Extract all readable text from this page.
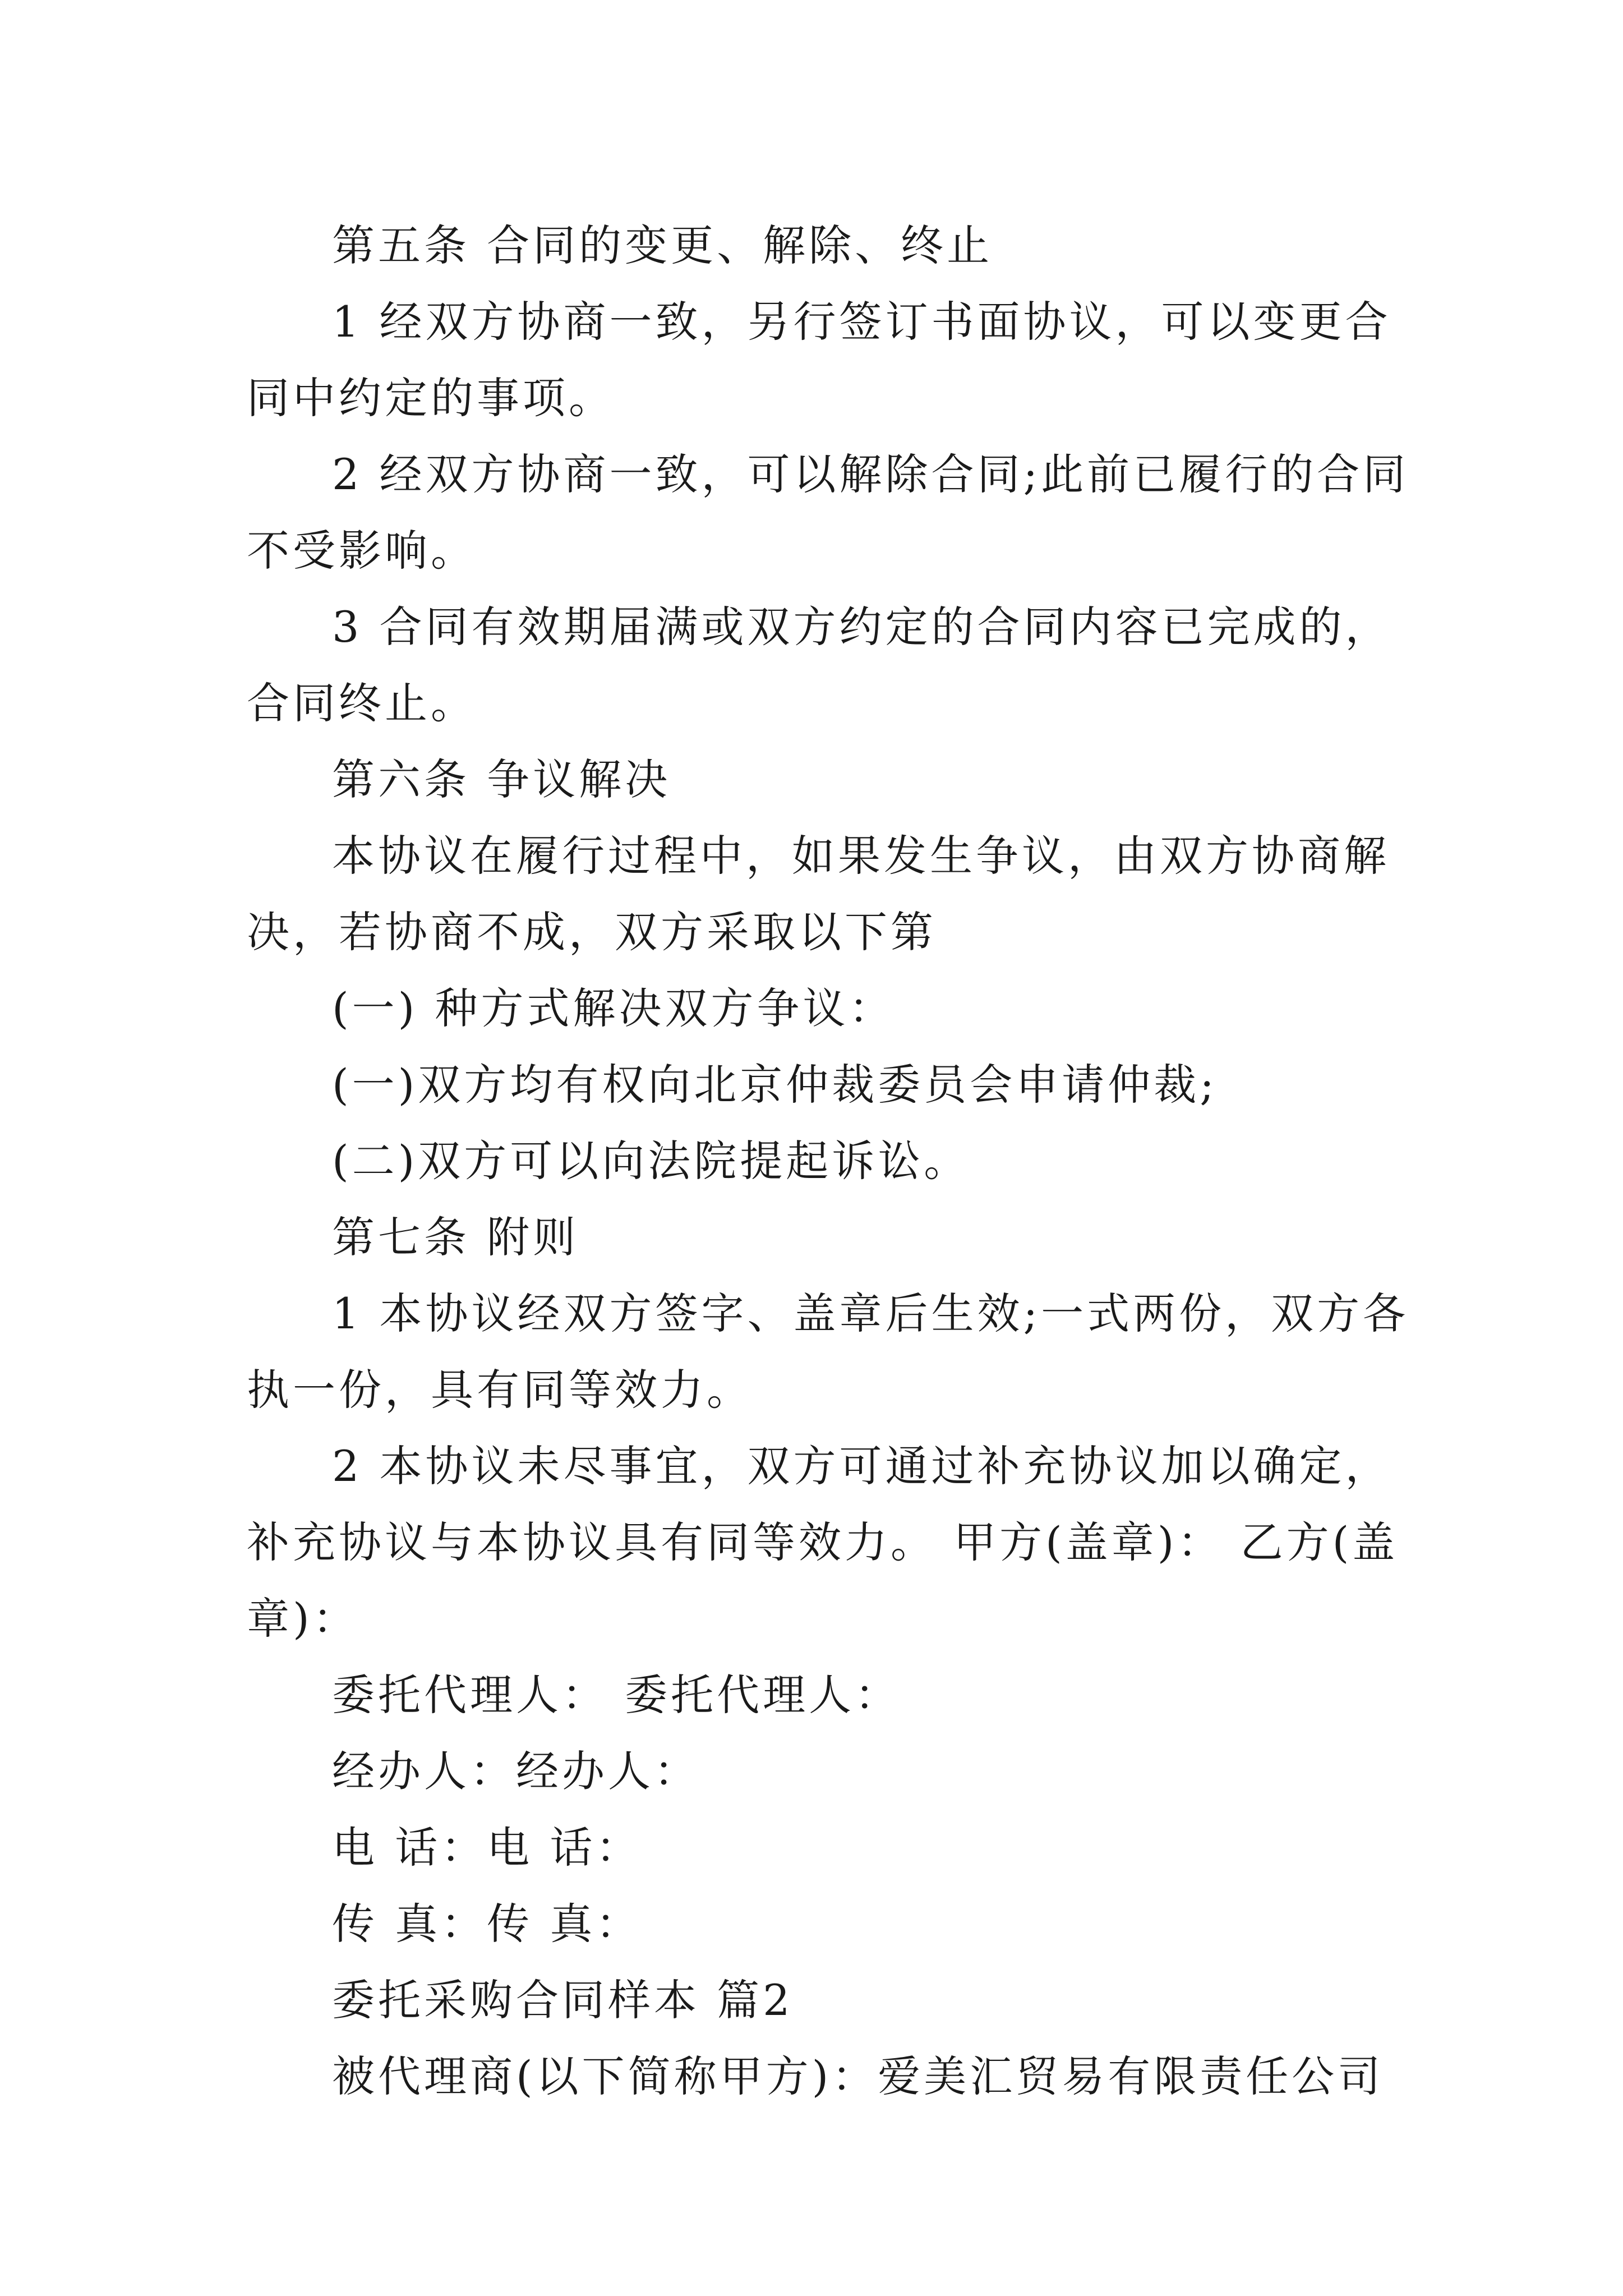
第五条 合同的变更、解除、终止

1 经双方协商一致，另行签订书面协议，可以变更合同中约定的事项。

2 经双方协商一致，可以解除合同;此前已履行的合同不受影响。

3 合同有效期届满或双方约定的合同内容已完成的，合同终止。

第六条 争议解决

本协议在履行过程中，如果发生争议，由双方协商解决，若协商不成，双方采取以下第

(一) 种方式解决双方争议：

(一)双方均有权向北京仲裁委员会申请仲裁;

(二)双方可以向法院提起诉讼。

第七条 附则

1 本协议经双方签字、盖章后生效;一式两份，双方各执一份，具有同等效力。

2 本协议未尽事宜，双方可通过补充协议加以确定，补充协议与本协议具有同等效力。 甲方(盖章)： 乙方(盖章)：

委托代理人： 委托代理人：

经办人：经办人：

电 话：电 话：

传 真：传 真：

委托采购合同样本 篇2

被代理商(以下简称甲方)：爱美汇贸易有限责任公司
